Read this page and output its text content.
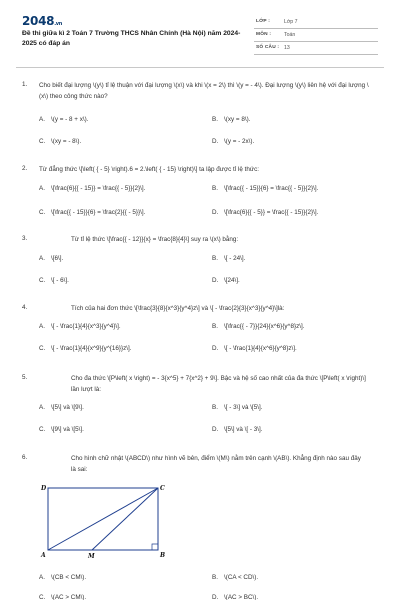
2048.vn
Đề thi giữa kì 2 Toán 7 Trường THCS Nhân Chính (Hà Nội) năm 2024-2025 có đáp án
LỚP :	Lớp 7
MÔN : Toán
SỐ CÂU : 13
1. Cho biết đại lượng \(y\) tỉ lệ thuận với đại lượng \(x\) và khi \(x = 2\) thì \(y = - 4\). Đại lượng \(y\) liên hệ với đại lượng \(x\) theo công thức nào?
A. \(y = - 8 + x\).	B. \(xy = 8\).
C. \(xy = - 8\).	D. \(y = - 2x\).
2. Từ đẳng thức \[\left( { - 5} \right).6 = 2.\left( { - 15} \right)\] ta lập được tỉ lệ thức:
A. \[\frac{6}{{ - 15}} = \frac{{ - 5}}{2}\].	B. \[\frac{{ - 15}}{6} = \frac{{ - 5}}{2}\].
C. \[\frac{{ - 15}}{6} = \frac{2}{{ - 5}}\].	D. \[\frac{6}{{ - 5}} = \frac{{ - 15}}{2}\].
3.	Từ tỉ lệ thức \[\frac{{ - 12}}{x} = \frac{8}{4}\] suy ra \(x\) bằng:
A. \[6\].	B. \[ - 24\].
C. \[ - 6\].	D. \[24\].
4.	Tích của hai đơn thức \[\frac{3}{8}{x^3}{y^4}z\] và \[ - \frac{2}{3}{x^3}{y^4}\]là:
A. \[ - \frac{1}{4}{x^3}{y^4}\].	B. \[\frac{{ - 7}}{24}{x^6}{y^8}z\].
C. \[ - \frac{1}{4}{x^9}{y^{16}}z\].	D. \[ - \frac{1}{4}{x^6}{y^8}z\].
5.	Cho đa thức \[P\left( x \right) = - 3{x^5} + 7{x^2} + 9\]. Bậc và hệ số cao nhất của đa thức \[P\left( x \right)\] lần lượt là:
A. \[5\] và \[9\].	B. \[ - 3\] và \[5\].
C. \[9\] và \[5\].	D. \[5\] và \[ - 3\].
6.	Cho hình chữ nhật \(ABCD\) như hình vẽ bên, điểm \(M\) nằm trên cạnh \(AB\). Khẳng định nào sau đây là sai:
D	C
A	M	B
A. \(CB < CM\).	B. \(CA < CD\).
C. \(AC > CM\).	D. \(AC > BC\).
